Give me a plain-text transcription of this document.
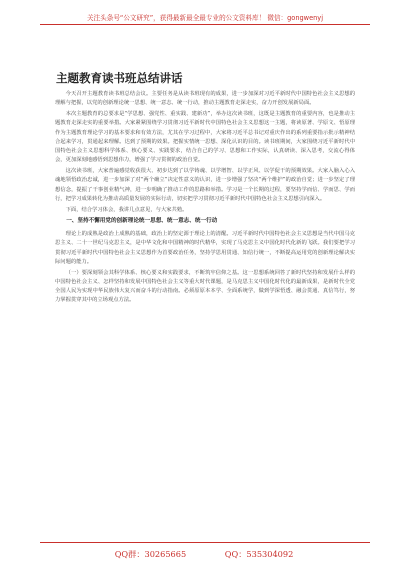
关注头条号“公文研究”，获得最新最全最专业的公文资料库！ 微信：gongwenyj
主题教育读书班总结讲话

今天召开主题教育读书班总结会议。主要任务是从读书班现有的成果，进一步加深对习近平新时代中国特色社会主义思想的理解与把握，以党的创新理论统一思想、统一意志、统一行动，推动主题教育走深走实，奋力开创发展新局面。

本次主题教育的总要求是“学思想、强党性、重实践、建新功”，举办这次读书班，这既是主题教育的重要内容，也是推动主题教育走深走实的重要举措。大家紧紧围绕学习贯彻习近平新时代中国特色社会主义思想这一主题，将读原著、学原文、悟原理作为主题教育理论学习的基本要求和有效方法，尤其在学习过程中，大家将习近平总书记对重庆作出的系列重要指示批示精神结合起来学习，贯通起来理解。达到了预期的效果。把握实情统一思想、深化认识的目的。读书班期间，大家围绕习近平新时代中国特色社会主义思想科学体系、核心要义、实践要求，结合自己的学习、思想和工作实际，认真研读、深入思考，交流心得体会，更加深刻地感悟到思想伟力，增强了学习贯彻的政治自觉。

这次读书班，大家普遍感觉收获很大、初步达到了以学铸魂、以学增智、以学正风、以学促干的预期效果。大家入脑入心入魂地领悟政治忠诚，进一步加深了对“两个确立”决定性意义的认识，进一步增强了坚决“两个维护”的政治自觉；进一步坚定了理想信念，提振了干事创业精气神，进一步明确了推动工作的思路和举措。学习是一个长期的过程，要坚持学而信、学而思、学而行，把学习成果转化为推动高质量发展的实际行动，切实把学习贯彻习近平新时代中国特色社会主义思想引向深入。

下面，结合学习体会，我讲几点意见，与大家共勉。

一、坚持不懈用党的创新理论统一思想、统一意志、统一行动

理论上的成熟是政治上成熟的基础，政治上的坚定源于理论上的清醒。习近平新时代中国特色社会主义思想是当代中国马克思主义、二十一世纪马克思主义，是中华文化和中国精神的时代精华，实现了马克思主义中国化时代化新的飞跃。我们要把学习贯彻习近平新时代中国特色社会主义思想作为首要政治任务，坚持学思用贯通、知信行统一，不断提高运用党的创新理论解决实际问题的能力。

（一）要深刻领会其科学体系、核心要义和实践要求，不断筑牢信仰之基。这一思想系统回答了新时代坚持和发展什么样的中国特色社会主义、怎样坚持和发展中国特色社会主义等重大时代课题，是马克思主义中国化时代化的最新成果，是新时代全党全国人民为实现中华民族伟大复兴而奋斗的行动指南。必须原原本本学、全面系统学，做到学深悟透、融会贯通、真信笃行，努力掌握贯穿其中的立场观点方法。

QQ群：30265665	QQ：535304092
